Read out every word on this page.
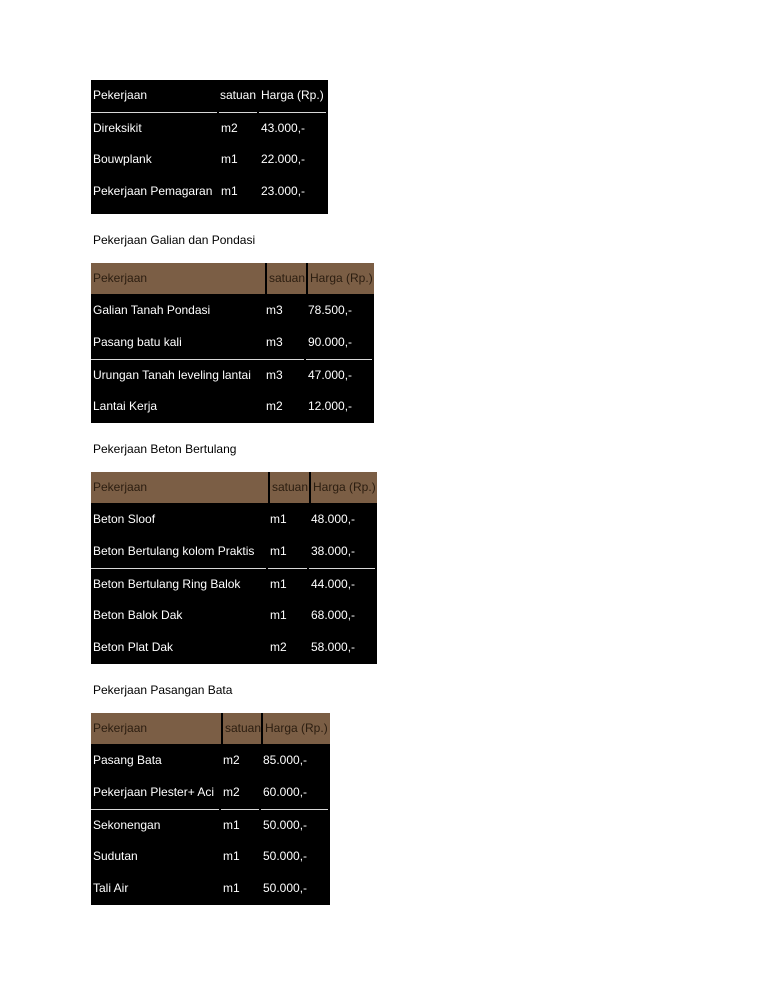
Pekerjaan	satuan Harga (Rp.)
Direksikit	m2	43.000,-
Bouwplank	m1	22.000,-
Pekerjaan Pemagaran m1	23.000,-
Pekerjaan Galian dan Pondasi
Pekerjaan	satuan Harga (Rp.)
Galian Tanah Pondasi	m3	78.500,-
Pasang batu kali	m3	90.000,-
Urungan Tanah leveling lantai	m3	47.000,-
Lantai Kerja	m2	12.000,-
Pekerjaan Beton Bertulang
Pekerjaan	satuan Harga (Rp.)
Beton Sloof	m1	48.000,-
Beton Bertulang kolom Praktis	m1	38.000,-
Beton Bertulang Ring Balok	m1	44.000,-
Beton Balok Dak	m1	68.000,-
Beton Plat Dak	m2	58.000,-
Pekerjaan Pasangan Bata
Pekerjaan	satuan Harga (Rp.)
Pasang Bata	m2	85.000,-
Pekerjaan Plester+ Aci m2	60.000,-
Sekonengan	m1	50.000,-
Sudutan	m1	50.000,-
Tali Air	m1	50.000,-
